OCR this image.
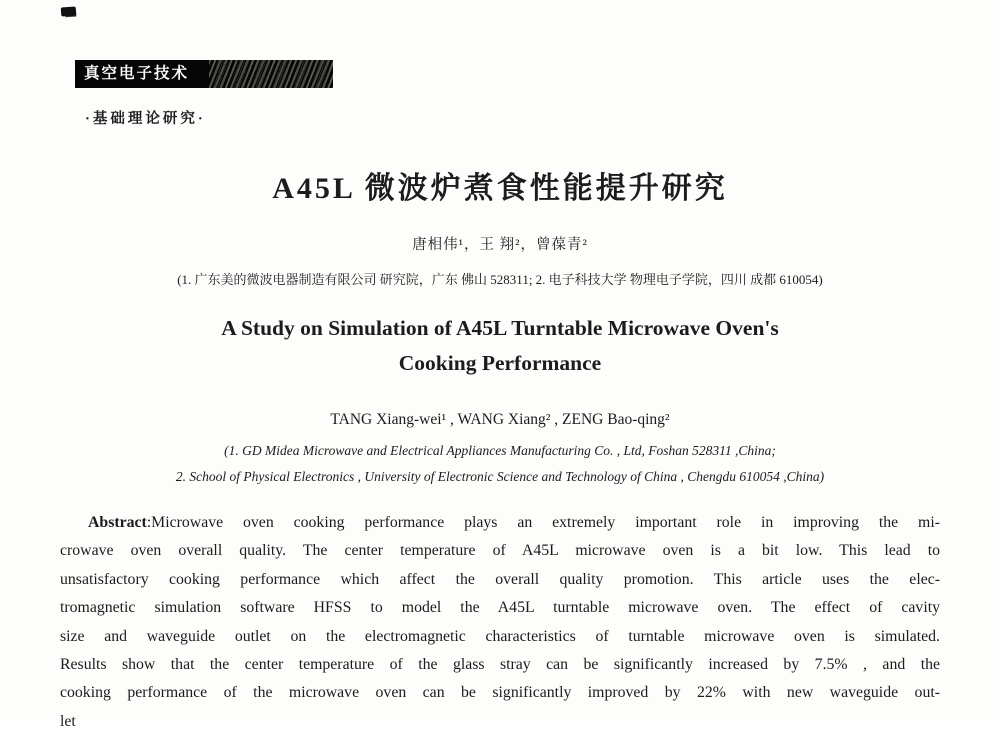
真空电子技术
·基础理论研究·
A45L 微波炉煮食性能提升研究
唐相伟¹，王 翔²，曾葆青²
(1. 广东美的微波电器制造有限公司 研究院，广东 佛山 528311; 2. 电子科技大学 物理电子学院，四川 成都 610054)
A Study on Simulation of A45L Turntable Microwave Oven's
Cooking Performance
TANG Xiang-wei¹ , WANG Xiang² , ZENG Bao-qing²
(1. GD Midea Microwave and Electrical Appliances Manufacturing Co. , Ltd, Foshan 528311 ,China;
2. School of Physical Electronics , University of Electronic Science and Technology of China , Chengdu 610054 ,China)
Abstract:Microwave oven cooking performance plays an extremely important role in improving the mi-
crowave oven overall quality. The center temperature of A45L microwave oven is a bit low. This lead to
unsatisfactory cooking performance which affect the overall quality promotion. This article uses the elec-
tromagnetic simulation software HFSS to model the A45L turntable microwave oven. The effect of cavity
size and waveguide outlet on the electromagnetic characteristics of turntable microwave oven is simulated.
Results show that the center temperature of the glass stray can be significantly increased by 7.5% , and the
cooking performance of the microwave oven can be significantly improved by 22% with new waveguide out-
let
